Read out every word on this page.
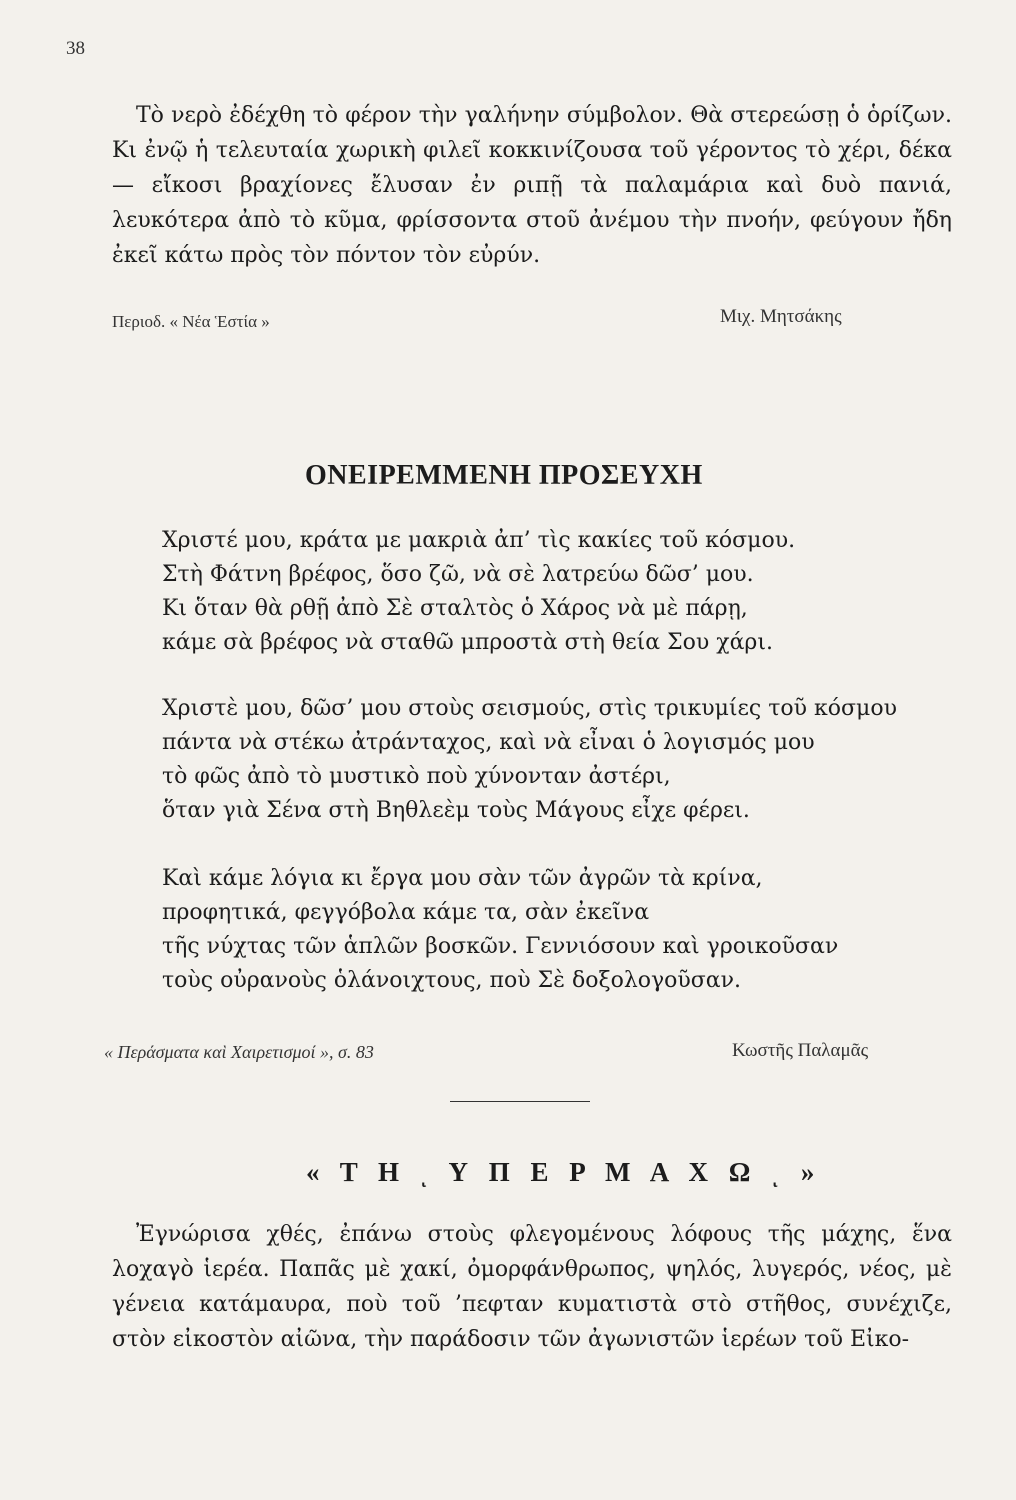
38

Τὸ νερὸ ἐδέχθη τὸ φέρον τὴν γαλήνην σύμβολον. Θὰ στερεώσῃ ὁ ὁρίζων. Κι ἐνῷ ἡ τελευταία χωρικὴ φιλεῖ κοκκινίζουσα τοῦ γέροντος τὸ χέρι, δέκα — εἴκοσι βραχίονες ἔλυσαν ἐν ριπῇ τὰ παλαμάρια καὶ δυὸ πανιά, λευκότερα ἀπὸ τὸ κῦμα, φρίσσοντα στοῦ ἀνέμου τὴν πνοήν, φεύγουν ἤδη ἐκεῖ κάτω πρὸς τὸν πόντον τὸν εὐρύν.

Περιοδ. « Νέα Ἑστία »	Μιχ. Μητσάκης
ΟΝΕΙΡΕΜΜΕΝΗ ΠΡΟΣΕΥΧΗ
Χριστέ μου, κράτα με μακριὰ ἀπ’ τὶς κακίες τοῦ κόσμου.
Στὴ Φάτνη βρέφος, ὅσο ζῶ, νὰ σὲ λατρεύω δῶσ’ μου.
Κι ὅταν θὰ ρθῇ ἀπὸ Σὲ σταλτὸς ὁ Χάρος νὰ μὲ πάρῃ,
κάμε σὰ βρέφος νὰ σταθῶ μπροστὰ στὴ θεία Σου χάρι.
Χριστὲ μου, δῶσ’ μου στοὺς σεισμούς, στὶς τρικυμίες τοῦ κόσμου
πάντα νὰ στέκω ἀτράνταχος, καὶ νὰ εἶναι ὁ λογισμός μου
τὸ φῶς ἀπὸ τὸ μυστικὸ ποὺ χύνονταν ἀστέρι,
ὅταν γιὰ Σένα στὴ Βηθλεὲμ τοὺς Μάγους εἶχε φέρει.
Καὶ κάμε λόγια κι ἔργα μου σὰν τῶν ἀγρῶν τὰ κρίνα,
προφητικά, φεγγόβολα κάμε τα, σὰν ἐκεῖνα
τῆς νύχτας τῶν ἁπλῶν βοσκῶν. Γεννιόσουν καὶ γροικοῦσαν
τοὺς οὐρανοὺς ὁλάνοιχτους, ποὺ Σὲ δοξολογοῦσαν.
« Περάσματα καὶ Χαιρετισμοί », σ. 83	Κωστῆς Παλαμᾶς
« Τ Η ͺ Υ Π Ε Ρ Μ Α Χ Ω ͺ »

Ἐγνώρισα χθές, ἐπάνω στοὺς φλεγομένους λόφους τῆς μάχης, ἕνα λοχαγὸ ἱερέα. Παπᾶς μὲ χακί, ὀμορφάνθρωπος, ψηλός, λυγερός, νέος, μὲ γένεια κατάμαυρα, ποὺ τοῦ ’πεφταν κυματιστὰ στὸ στῆθος, συνέχιζε, στὸν εἰκοστὸν αἰῶνα, τὴν παράδοσιν τῶν ἀγωνιστῶν ἱερέων τοῦ Εἰκο-
